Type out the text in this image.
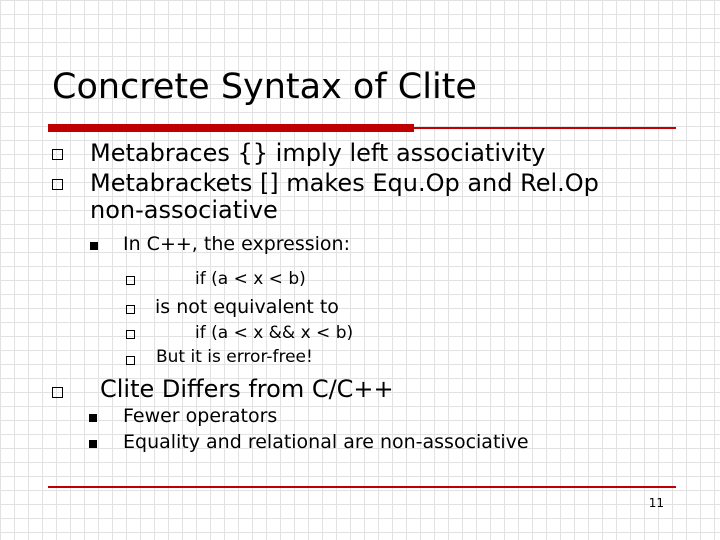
Concrete Syntax of Clite
Metabraces {} imply left associativity
Metabrackets [] makes Equ.Op and Rel.Op
non-associative
In C++, the expression:
if (a < x < b)
is not equivalent to
if (a < x && x < b)
But it is error-free!
Clite Differs from C/C++
Fewer operators
Equality and relational are non-associative
11
